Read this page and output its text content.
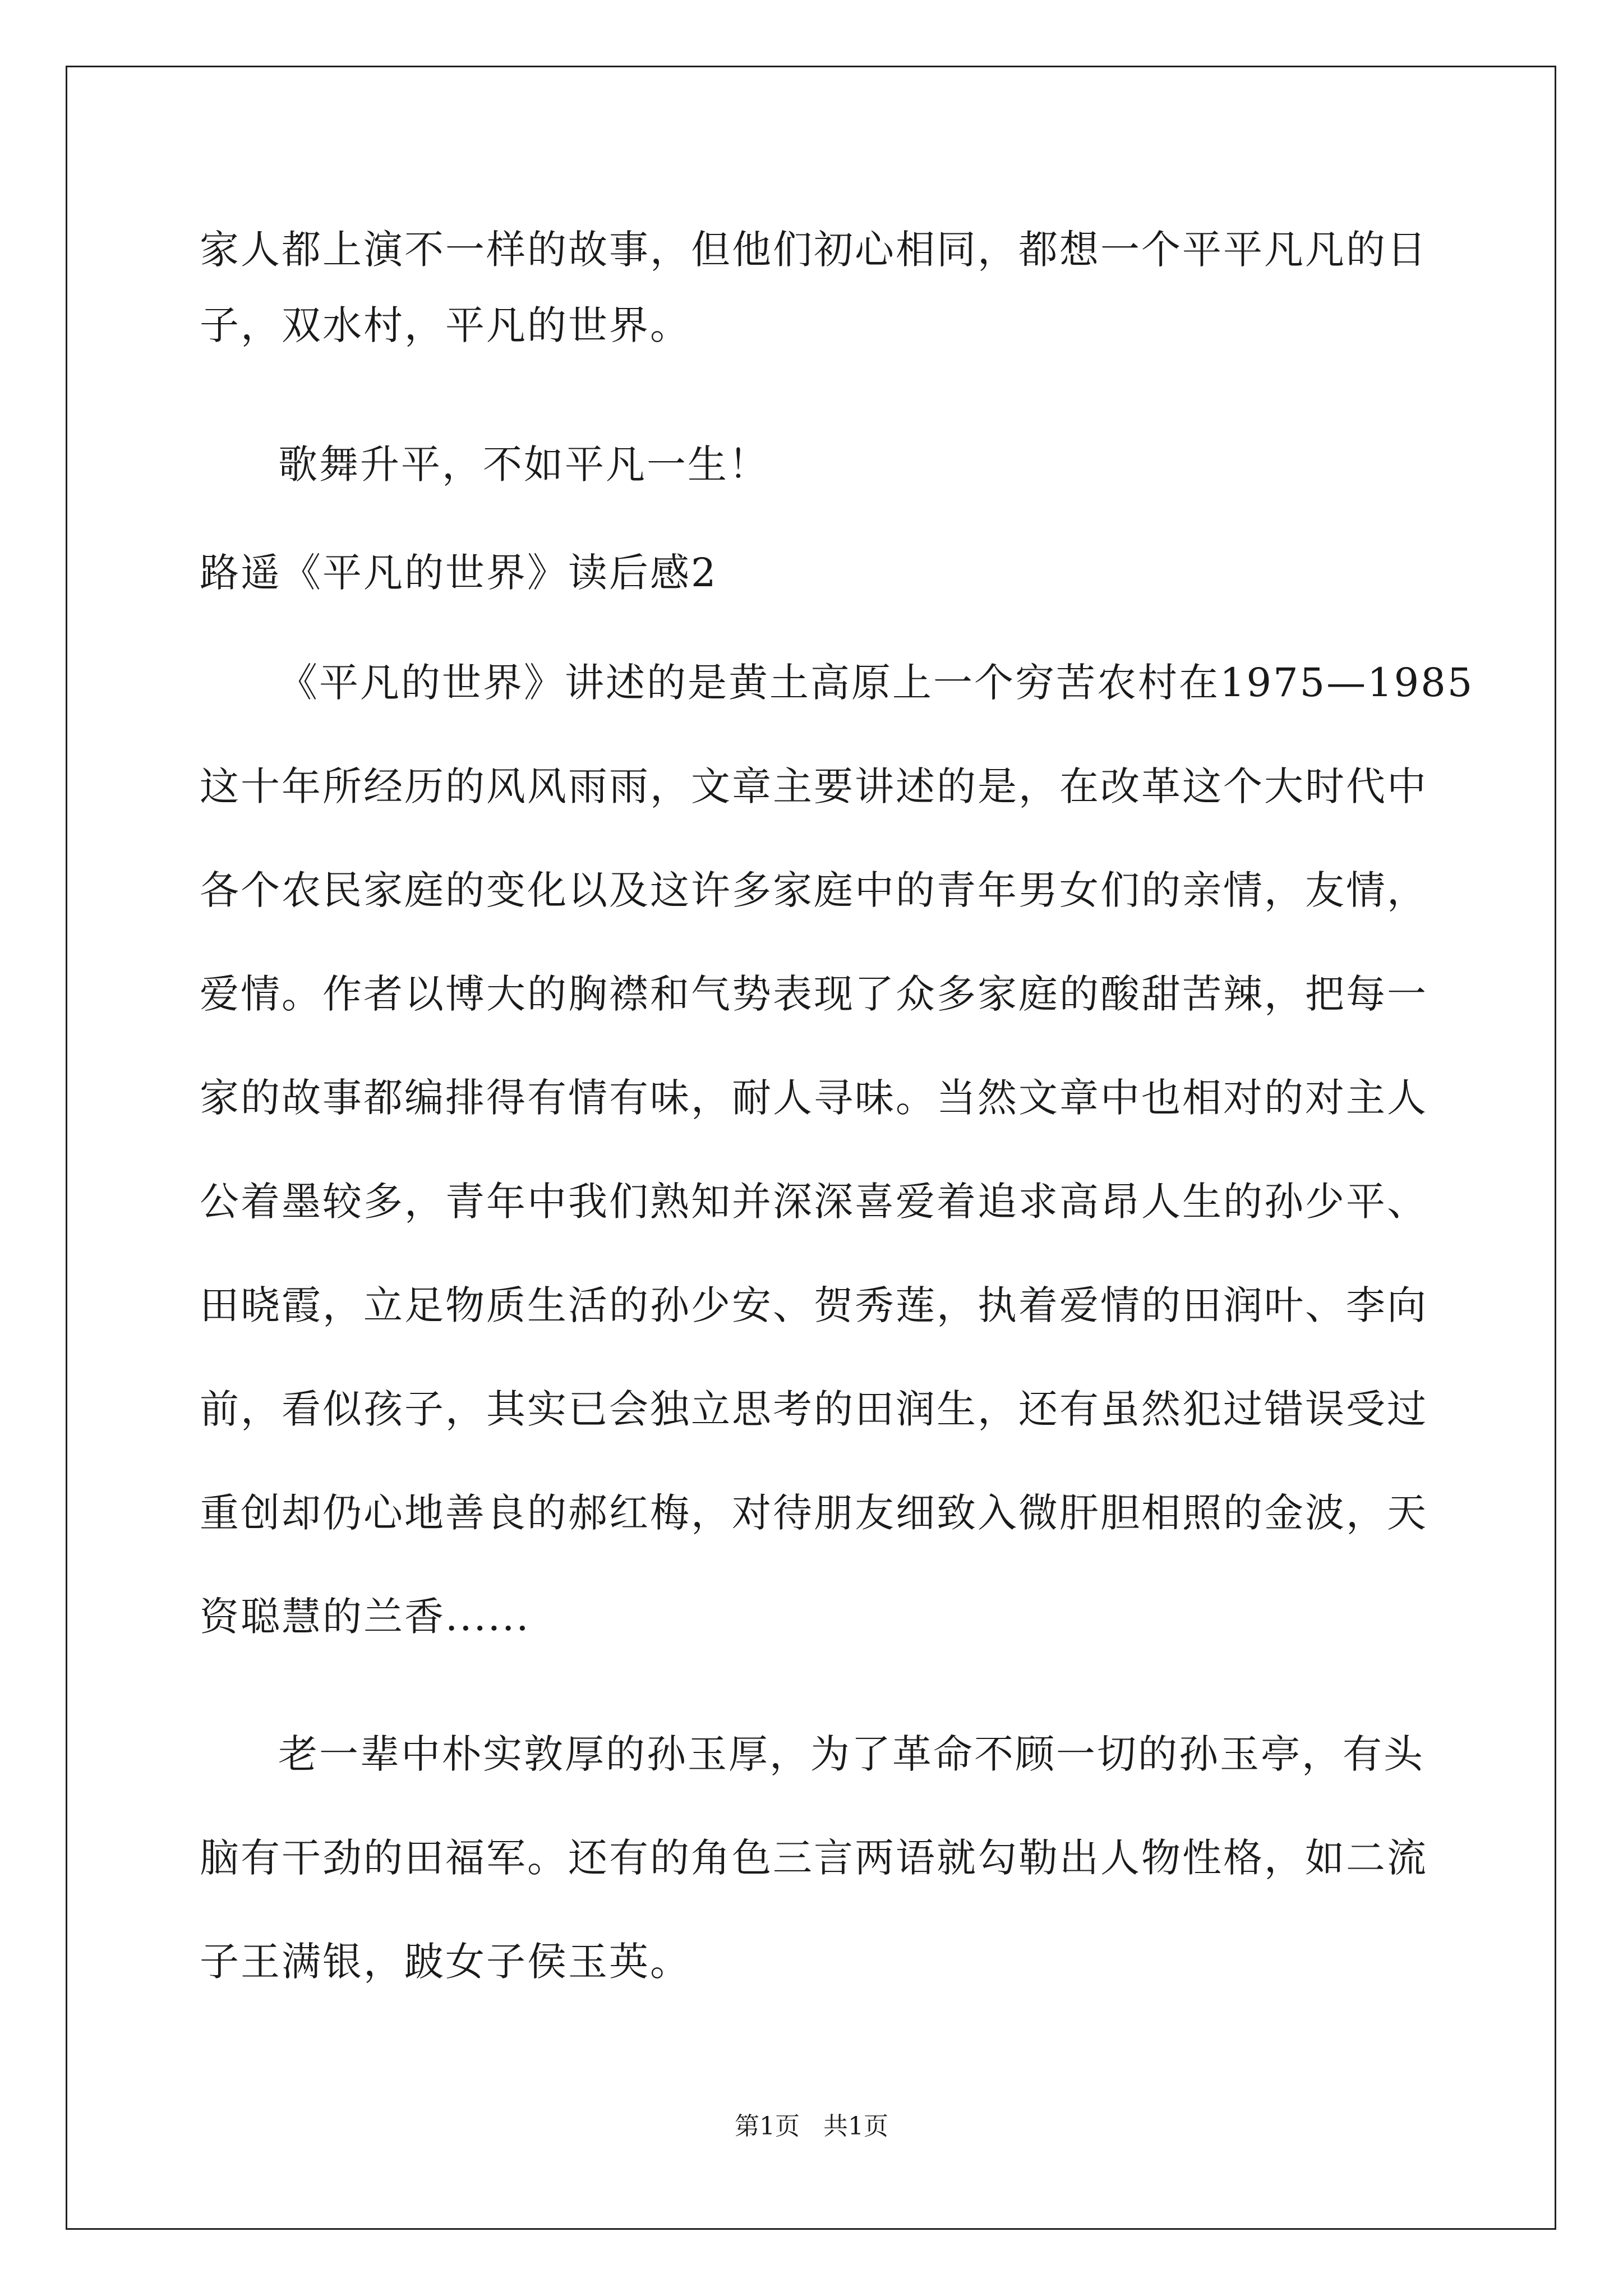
家人都上演不一样的故事，但他们初心相同，都想一个平平凡凡的日

子，双水村，平凡的世界。

歌舞升平，不如平凡一生！

路遥《平凡的世界》读后感2

《平凡的世界》讲述的是黄土高原上一个穷苦农村在1975—1985

这十年所经历的风风雨雨，文章主要讲述的是，在改革这个大时代中

各个农民家庭的变化以及这许多家庭中的青年男女们的亲情，友情，

爱情。作者以博大的胸襟和气势表现了众多家庭的酸甜苦辣，把每一

家的故事都编排得有情有味，耐人寻味。当然文章中也相对的对主人

公着墨较多，青年中我们熟知并深深喜爱着追求高昂人生的孙少平、

田晓霞，立足物质生活的孙少安、贺秀莲，执着爱情的田润叶、李向

前，看似孩子，其实已会独立思考的田润生，还有虽然犯过错误受过

重创却仍心地善良的郝红梅，对待朋友细致入微肝胆相照的金波，天

资聪慧的兰香......

老一辈中朴实敦厚的孙玉厚，为了革命不顾一切的孙玉亭，有头

脑有干劲的田福军。还有的角色三言两语就勾勒出人物性格，如二流

子王满银，跛女子侯玉英。

第1页   共1页
